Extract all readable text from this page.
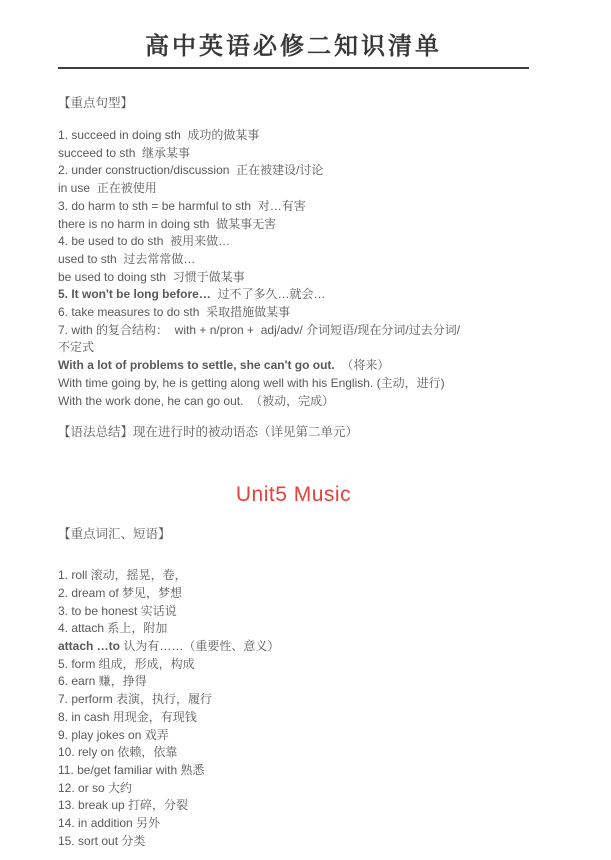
高中英语必修二知识清单

【重点句型】

1. succeed in doing sth  成功的做某事

succeed to sth  继承某事

2. under construction/discussion  正在被建设/讨论

in use  正在被使用

3. do harm to sth = be harmful to sth  对…有害

there is no harm in doing sth  做某事无害

4. be used to do sth  被用来做…

used to sth  过去常常做…

be used to doing sth  习惯于做某事

5. It won't be long before…  过不了多久…就会…

6. take measures to do sth  采取措施做某事

7. with 的复合结构：  with + n/pron +  adj/adv/ 介词短语/现在分词/过去分词/

不定式

With a lot of problems to settle, she can't go out.  （将来）

With time going by, he is getting along well with his English. (主动，进行)

With the work done, he can go out.  （被动，完成）

【语法总结】现在进行时的被动语态（详见第二单元）

Unit5 Music

【重点词汇、短语】

1. roll 滚动，摇晃，卷，

2. dream of 梦见，梦想

3. to be honest 实话说

4. attach 系上，附加

attach …to 认为有……（重要性、意义）

5. form 组成，形成，构成

6. earn 赚，挣得

7. perform 表演，执行，履行

8. in cash 用现金，有现钱

9. play jokes on 戏弄

10. rely on 依赖，依靠

11. be/get familiar with 熟悉

12. or so 大约

13. break up 打碎，分裂

14. in addition 另外

15. sort out 分类
